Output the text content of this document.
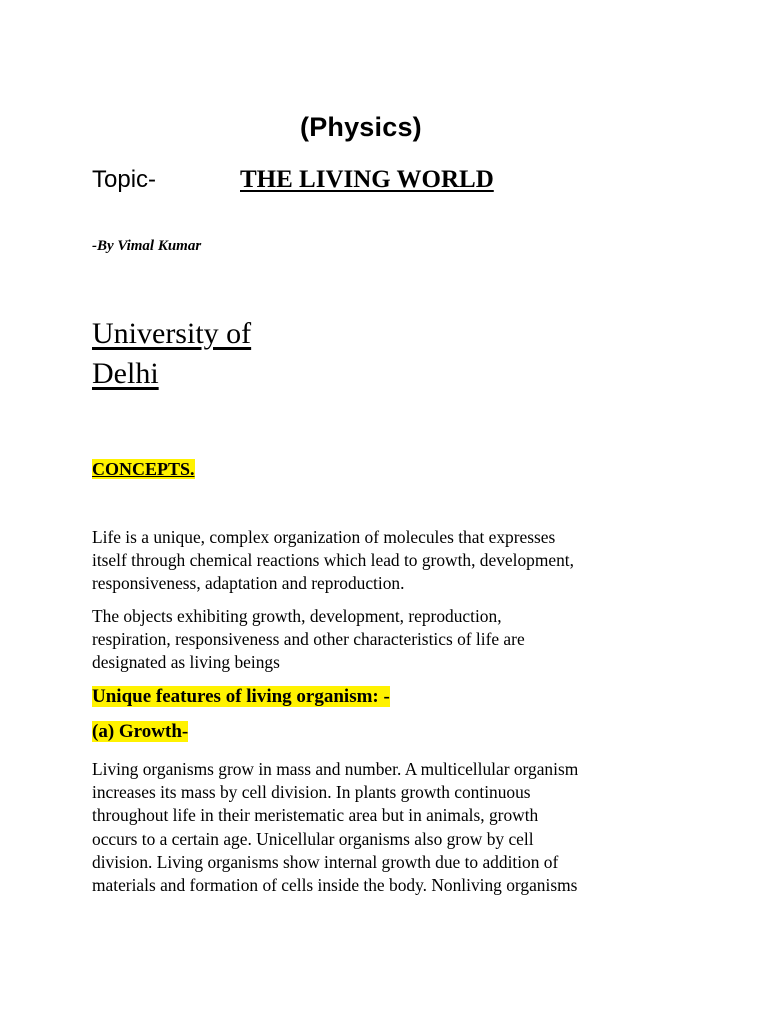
(Physics)
Topic-	THE LIVING WORLD
-By Vimal Kumar
University of
Delhi
CONCEPTS.
Life is a unique, complex organization of molecules that expresses
itself through chemical reactions which lead to growth, development,
responsiveness, adaptation and reproduction.
The objects exhibiting growth, development, reproduction,
respiration, responsiveness and other characteristics of life are
designated as living beings
Unique features of living organism: -
(a) Growth-
Living organisms grow in mass and number. A multicellular organism
increases its mass by cell division. In plants growth continuous
throughout life in their meristematic area but in animals, growth
occurs to a certain age. Unicellular organisms also grow by cell
division. Living organisms show internal growth due to addition of
materials and formation of cells inside the body. Nonliving organisms
